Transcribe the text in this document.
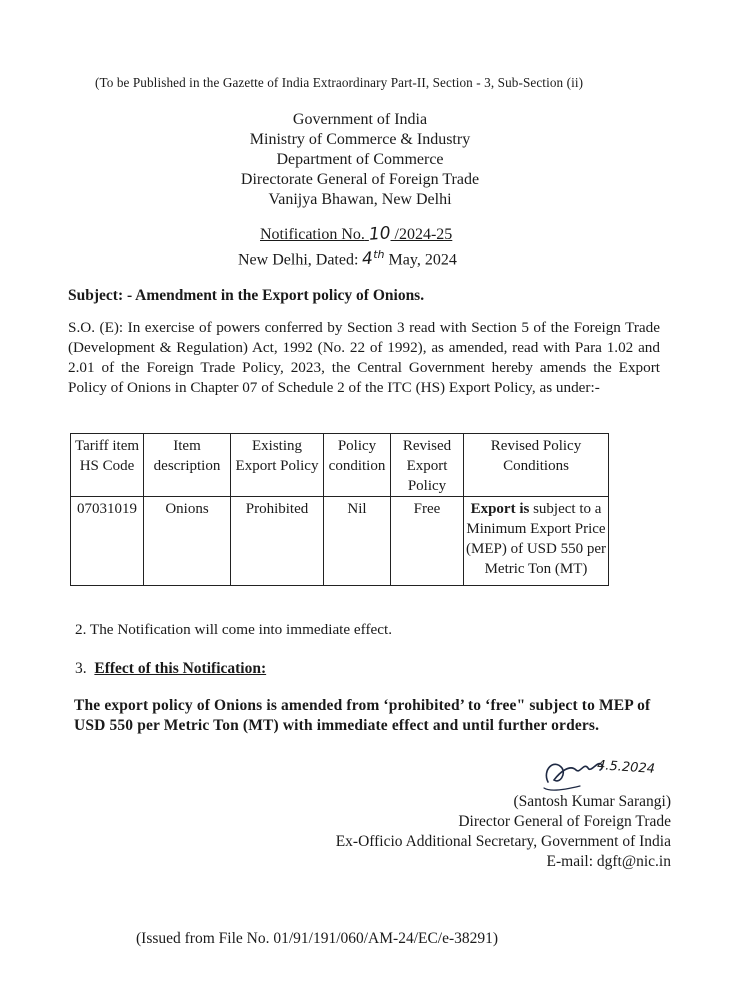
(To be Published in the Gazette of India Extraordinary Part-II, Section - 3, Sub-Section (ii)
Government of India
Ministry of Commerce & Industry
Department of Commerce
Directorate General of Foreign Trade
Vanijya Bhawan, New Delhi
Notification No. 10 /2024-25
New Delhi, Dated: 4th May, 2024
Subject: - Amendment in the Export policy of Onions.
S.O. (E): In exercise of powers conferred by Section 3 read with Section 5 of the Foreign Trade (Development & Regulation) Act, 1992 (No. 22 of 1992), as amended, read with Para 1.02 and 2.01 of the Foreign Trade Policy, 2023, the Central Government hereby amends the Export Policy of Onions in Chapter 07 of Schedule 2 of the ITC (HS) Export Policy, as under:-
Tariff item HS Code	Item description	Existing Export Policy	Policy condition	Revised Export Policy	Revised Policy Conditions
07031019	Onions	Prohibited	Nil	Free	Export is subject to a Minimum Export Price (MEP) of USD 550 per Metric Ton (MT)
2. The Notification will come into immediate effect.
3. Effect of this Notification:
The export policy of Onions is amended from ‘prohibited’ to ‘free" subject to MEP of USD 550 per Metric Ton (MT) with immediate effect and until further orders.
4.5.2024
(Santosh Kumar Sarangi)
Director General of Foreign Trade
Ex-Officio Additional Secretary, Government of India
E-mail: dgft@nic.in
(Issued from File No. 01/91/191/060/AM-24/EC/e-38291)
